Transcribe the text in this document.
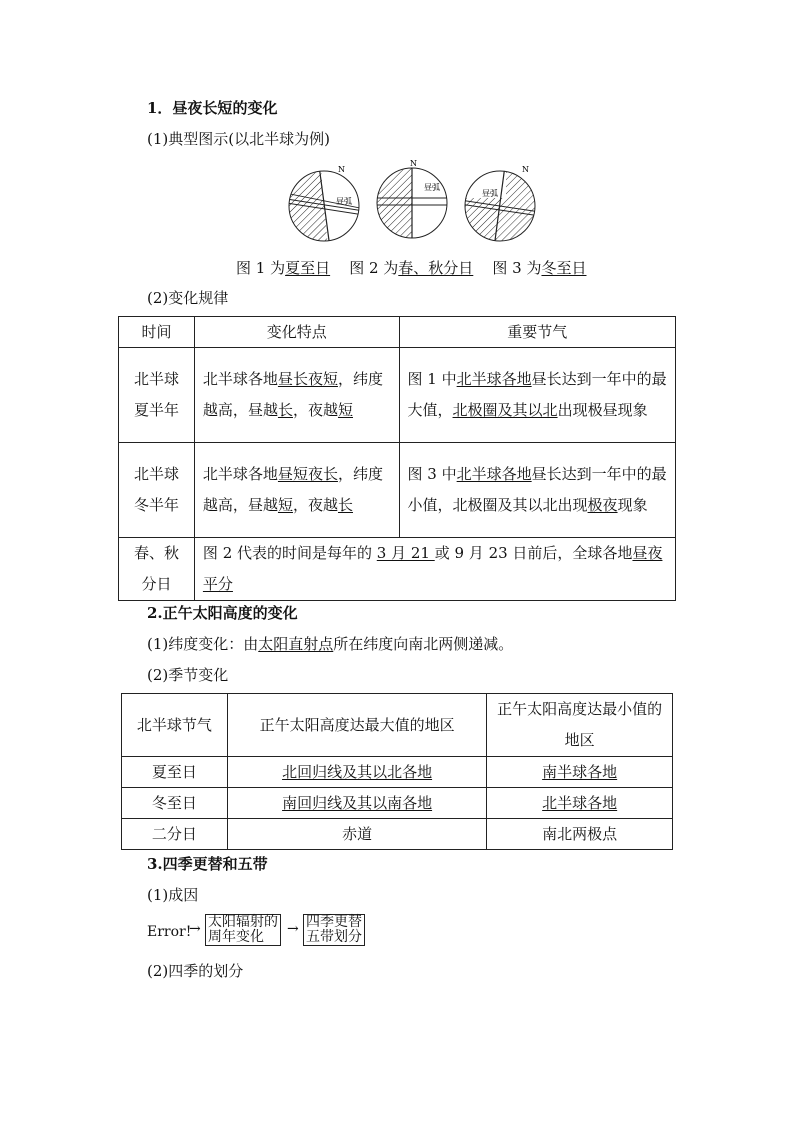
1．昼夜长短的变化
(1)典型图示(以北半球为例)
N
昼弧
N
昼弧
N
昼弧
图 1 为夏至日 图 2 为春、秋分日 图 3 为冬至日
(2)变化规律
时间	变化特点	重要节气
北半球夏半年	北半球各地昼长夜短，纬度越高，昼越长，夜越短	图 1 中北半球各地昼长达到一年中的最大值，北极圈及其以北出现极昼现象
北半球冬半年	北半球各地昼短夜长，纬度越高，昼越短，夜越长	图 3 中北半球各地昼长达到一年中的最小值，北极圈及其以北出现极夜现象
春、秋分日	图 2 代表的时间是每年的 3 月 21 或 9 月 23 日前后，全球各地昼夜平分	
2.正午太阳高度的变化
(1)纬度变化：由太阳直射点所在纬度向南北两侧递减。
(2)季节变化
北半球节气	正午太阳高度达最大值的地区	正午太阳高度达最小值的地区
夏至日	北回归线及其以北各地	南半球各地
冬至日	南回归线及其以南各地	北半球各地
二分日	赤道	南北两极点
3.四季更替和五带
(1)成因
Error!
→ 太阳辐射的
周年变化	→ 四季更替
五带划分
(2)四季的划分
